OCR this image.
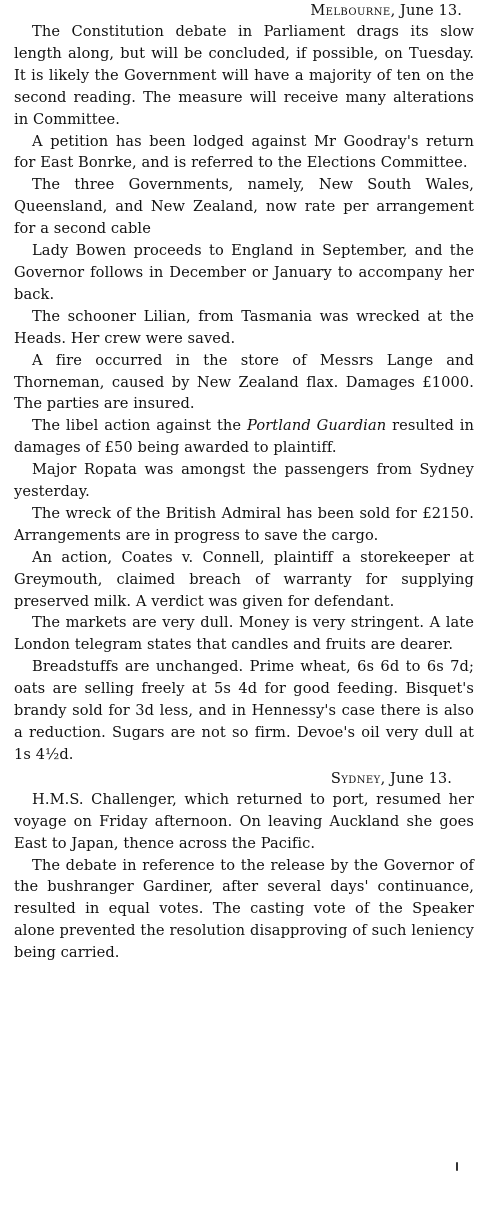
Melbourne, June 13.

The Constitution debate in Parliament drags its slow length along, but will be concluded, if possible, on Tuesday. It is likely the Government will have a majority of ten on the second reading. The measure will receive many alterations in Committee.

A petition has been lodged against Mr Goodray's return for East Bonrke, and is referred to the Elections Committee.

The three Governments, namely, New South Wales, Queensland, and New Zealand, now rate per arrangement for a second cable

Lady Bowen proceeds to England in September, and the Governor follows in December or January to accompany her back.

The schooner Lilian, from Tasmania was wrecked at the Heads. Her crew were saved.

A fire occurred in the store of Messrs Lange and Thorneman, caused by New Zealand flax. Damages £1000. The parties are insured.

The libel action against the Portland Guardian resulted in damages of £50 being awarded to plaintiff.

Major Ropata was amongst the passengers from Sydney yesterday.

The wreck of the British Admiral has been sold for £2150. Arrangements are in progress to save the cargo.

An action, Coates v. Connell, plaintiff a storekeeper at Greymouth, claimed breach of warranty for supplying preserved milk. A verdict was given for defendant.

The markets are very dull. Money is very stringent. A late London telegram states that candles and fruits are dearer.

Breadstuffs are unchanged. Prime wheat, 6s 6d to 6s 7d; oats are selling freely at 5s 4d for good feeding. Bisquet's brandy sold for 3d less, and in Hennessy's case there is also a reduction. Sugars are not so firm. Devoe's oil very dull at 1s 4½d.

Sydney, June 13.

H.M.S. Challenger, which returned to port, resumed her voyage on Friday afternoon. On leaving Auckland she goes East to Japan, thence across the Pacific.

The debate in reference to the release by the Governor of the bushranger Gardiner, after several days' continuance, resulted in equal votes. The casting vote of the Speaker alone prevented the resolution disapproving of such leniency being carried.
